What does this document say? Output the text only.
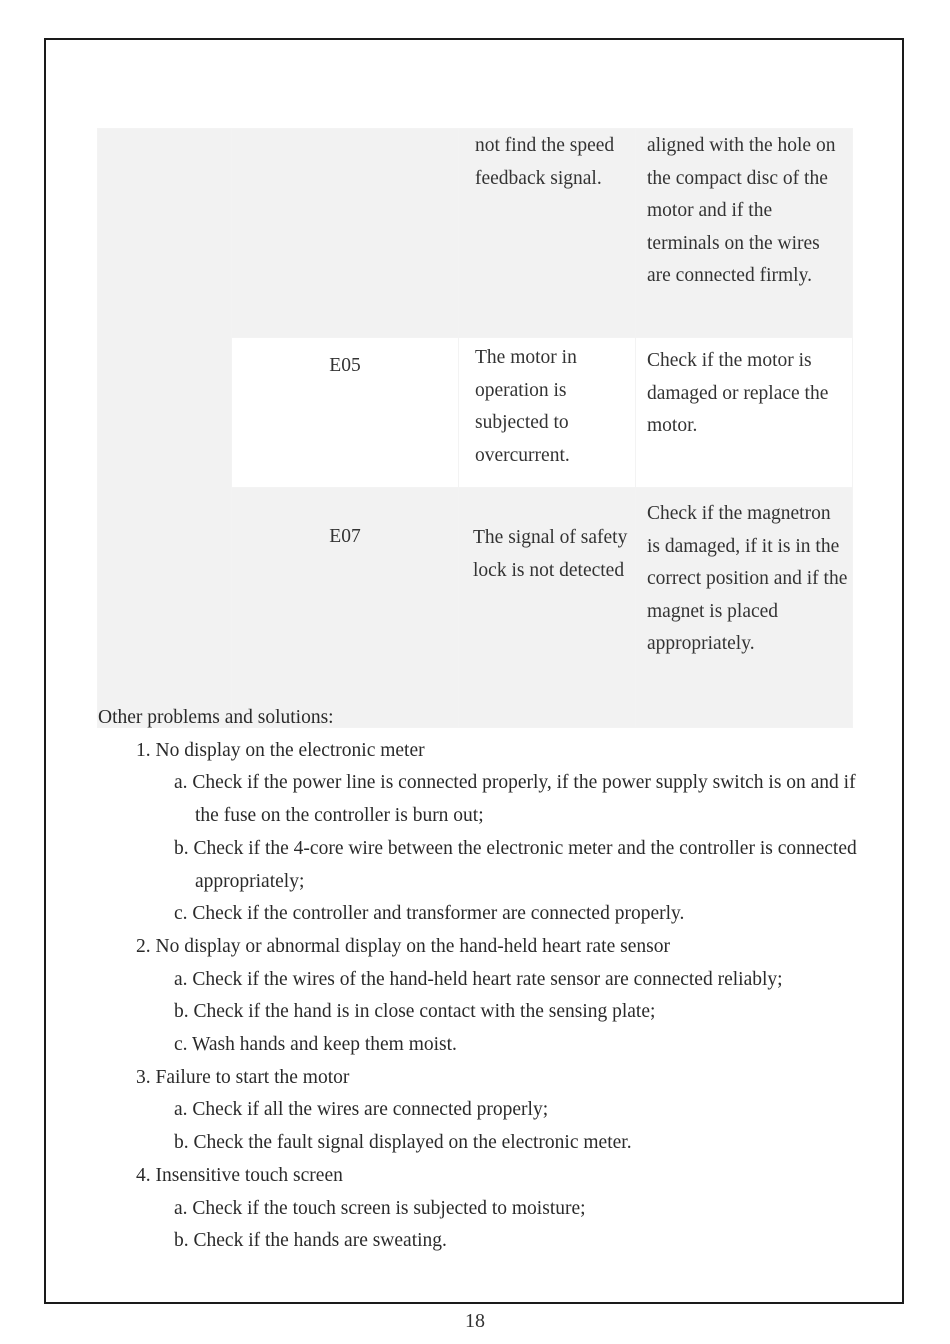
		not find the speed feedback signal.	aligned with the hole on the compact disc of the motor and if the terminals on the wires are connected firmly.

	E05	The motor in operation is subjected to overcurrent.	Check if the motor is damaged or replace the motor.

	E07	The signal of safety lock is not detected	Check if the magnetron is damaged, if it is in the correct position and if the magnet is placed appropriately.
Other problems and solutions:
1. No display on the electronic meter
a. Check if the power line is connected properly, if the power supply switch is on and if the fuse on the controller is burn out;
b. Check if the 4-core wire between the electronic meter and the controller is connected appropriately;
c. Check if the controller and transformer are connected properly.
2. No display or abnormal display on the hand-held heart rate sensor
a. Check if the wires of the hand-held heart rate sensor are connected reliably;
b. Check if the hand is in close contact with the sensing plate;
c. Wash hands and keep them moist.
3. Failure to start the motor
a. Check if all the wires are connected properly;
b. Check the fault signal displayed on the electronic meter.
4. Insensitive touch screen
a. Check if the touch screen is subjected to moisture;
b. Check if the hands are sweating.
18
